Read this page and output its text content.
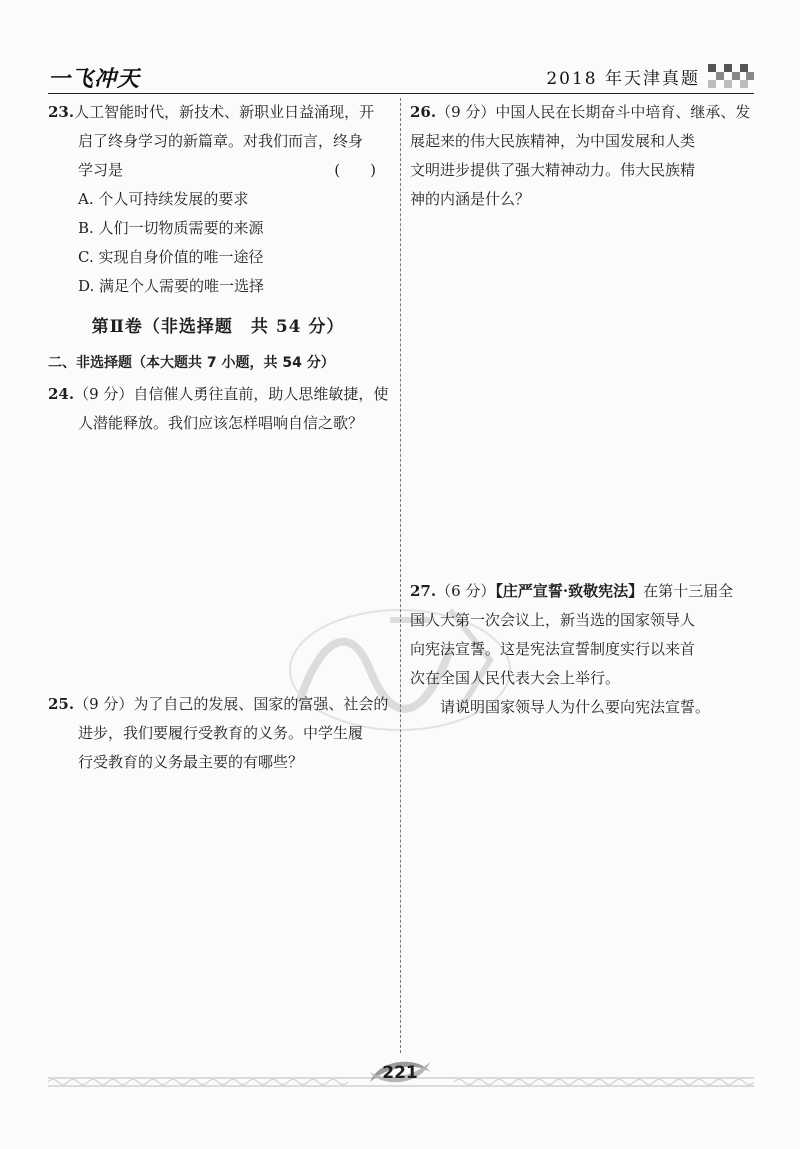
一飞冲天	2018 年天津真题

23.人工智能时代，新技术、新职业日益涌现，开

启了终身学习的新篇章。对我们而言，终身

学习是	(　　)

A. 个人可持续发展的要求

B. 人们一切物质需要的来源

C. 实现自身价值的唯一途径

D. 满足个人需要的唯一选择

第Ⅱ卷（非选择题　共 54 分）
二、非选择题（本大题共 7 小题，共 54 分）

24.（9 分）自信催人勇往直前，助人思维敏捷，使

人潜能释放。我们应该怎样唱响自信之歌？

25.（9 分）为了自己的发展、国家的富强、社会的

进步，我们要履行受教育的义务。中学生履

行受教育的义务最主要的有哪些？

26.（9 分）中国人民在长期奋斗中培育、继承、发

展起来的伟大民族精神，为中国发展和人类

文明进步提供了强大精神动力。伟大民族精

神的内涵是什么？

27.（6 分）【庄严宣誓·致敬宪法】在第十三届全

国人大第一次会议上，新当选的国家领导人

向宪法宣誓。这是宪法宣誓制度实行以来首

次在全国人民代表大会上举行。

请说明国家领导人为什么要向宪法宣誓。

221
